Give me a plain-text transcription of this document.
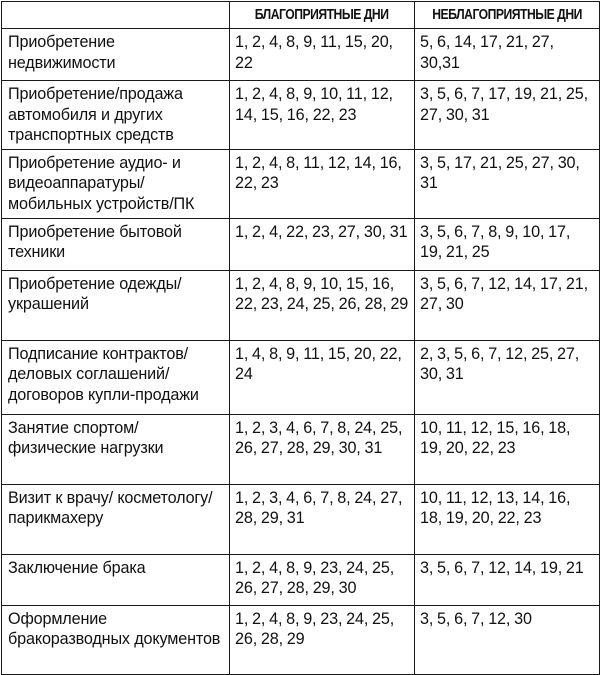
	БЛАГОПРИЯТНЫЕ ДНИ	НЕБЛАГОПРИЯТНЫЕ ДНИ
Приобретение недвижимости	1, 2, 4, 8, 9, 11, 15, 20, 22	5, 6, 14, 17, 21, 27, 30,31
Приобретение/продажа автомобиля и других транспортных средств	1, 2, 4, 8, 9, 10, 11, 12, 14, 15, 16, 22, 23	3, 5, 6, 7, 17, 19, 21, 25, 27, 30, 31
Приобретение аудио- и видеоаппаратуры/ мобильных устройств/ПК	1, 2, 4, 8, 11, 12, 14, 16, 22, 23	3, 5, 17, 21, 25, 27, 30, 31
Приобретение бытовой техники	1, 2, 4, 22, 23, 27, 30, 31	3, 5, 6, 7, 8, 9, 10, 17, 19, 21, 25
Приобретение одежды/ украшений	1, 2, 4, 8, 9, 10, 15, 16, 22, 23, 24, 25, 26, 28, 29	3, 5, 6, 7, 12, 14, 17, 21, 27, 30
Подписание контрактов/ деловых соглашений/ договоров купли-продажи	1, 4, 8, 9, 11, 15, 20, 22, 24	2, 3, 5, 6, 7, 12, 25, 27, 30, 31
Занятие спортом/ физические нагрузки	1, 2, 3, 4, 6, 7, 8, 24, 25, 26, 27, 28, 29, 30, 31	10, 11, 12, 15, 16, 18, 19, 20, 22, 23
Визит к врачу/ косметологу/ парикмахеру	1, 2, 3, 4, 6, 7, 8, 24, 27, 28, 29, 31	10, 11, 12, 13, 14, 16, 18, 19, 20, 22, 23
Заключение брака	1, 2, 4, 8, 9, 23, 24, 25, 26, 27, 28, 29, 30	3, 5, 6, 7, 12, 14, 19, 21
Оформление бракоразводных документов	1, 2, 4, 8, 9, 23, 24, 25, 26, 28, 29	3, 5, 6, 7, 12, 30
